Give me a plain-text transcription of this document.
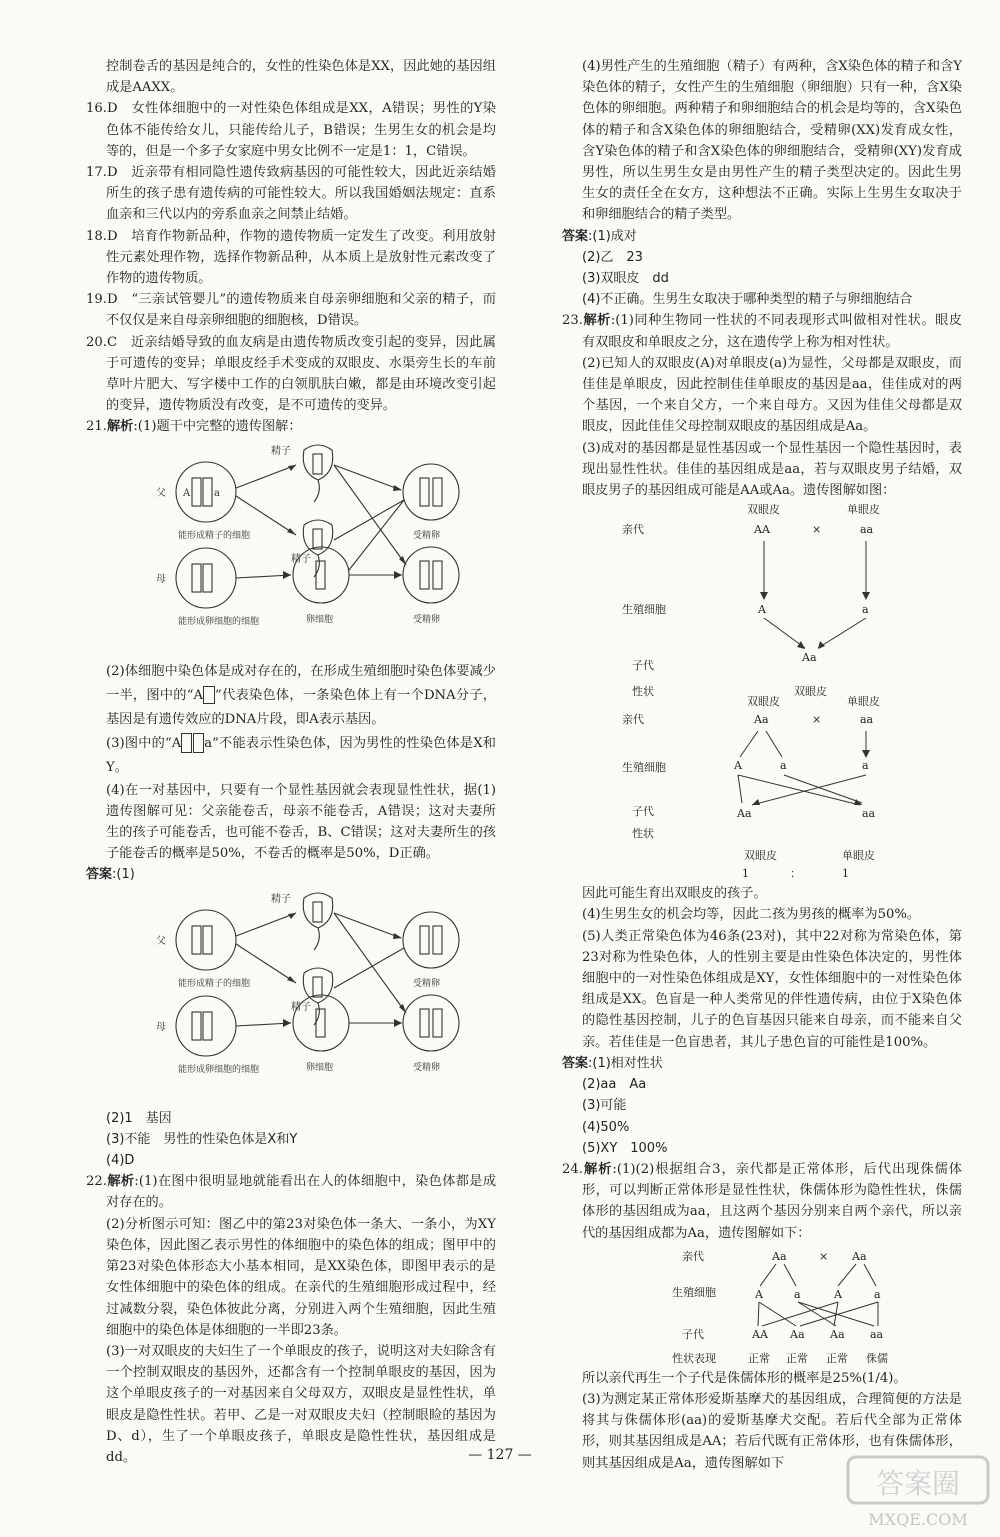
控制卷舌的基因是纯合的，女性的性染色体是XX，因此她的基因组成是AAXX。

16.D　女性体细胞中的一对性染色体组成是XX，A错误；男性的Y染色体不能传给女儿，只能传给儿子，B错误；生男生女的机会是均等的，但是一个多子女家庭中男女比例不一定是1：1，C错误。

17.D　近亲带有相同隐性遗传致病基因的可能性较大，因此近亲结婚所生的孩子患有遗传病的可能性较大。所以我国婚姻法规定：直系血亲和三代以内的旁系血亲之间禁止结婚。

18.D　培育作物新品种，作物的遗传物质一定发生了改变。利用放射性元素处理作物，选择作物新品种，从本质上是放射性元素改变了作物的遗传物质。

19.D　“三亲试管婴儿”的遗传物质来自母亲卵细胞和父亲的精子，而不仅仅是来自母亲卵细胞的细胞核，D错误。

20.C　近亲结婚导致的血友病是由遗传物质改变引起的变异，因此属于可遗传的变异；单眼皮经手术变成的双眼皮、水渠旁生长的车前草叶片肥大、写字楼中工作的白领肌肤白嫩，都是由环境改变引起的变异，遗传物质没有改变，是不可遗传的变异。

21.解析:(1)题干中完整的遗传图解：

父
母
精子
精子
能形成精子的细胞
能形成卵细胞的细胞	卵细胞
受精卵
受精卵
A a

(2)体细胞中染色体是成对存在的，在形成生殖细胞时染色体要减少一半，图中的“A ”代表染色体，一条染色体上有一个DNA分子，基因是有遗传效应的DNA片段，即A表示基因。

(3)图中的“A a”不能表示性染色体，因为男性的性染色体是X和Y。

(4)在一对基因中，只要有一个显性基因就会表现显性性状，据(1)遗传图解可见：父亲能卷舌，母亲不能卷舌，A错误；这对夫妻所生的孩子可能卷舌，也可能不卷舌，B、C错误；这对夫妻所生的孩子能卷舌的概率是50%，不卷舌的概率是50%，D正确。

答案:(1)

父
母
精子
精子
能形成精子的细胞
能形成卵细胞的细胞	卵细胞
受精卵
受精卵

(2)1　基因

(3)不能　男性的性染色体是X和Y

(4)D

22.解析:(1)在图中很明显地就能看出在人的体细胞中，染色体都是成对存在的。

(2)分析图示可知：图乙中的第23对染色体一条大、一条小，为XY染色体，因此图乙表示男性的体细胞中的染色体的组成；图甲中的第23对染色体形态大小基本相同，是XX染色体，即图甲表示的是女性体细胞中的染色体的组成。在亲代的生殖细胞形成过程中，经过减数分裂，染色体彼此分离，分别进入两个生殖细胞，因此生殖细胞中的染色体是体细胞的一半即23条。

(3)一对双眼皮的夫妇生了一个单眼皮的孩子，说明这对夫妇除含有一个控制双眼皮的基因外，还都含有一个控制单眼皮的基因，因为这个单眼皮孩子的一对基因来自父母双方，双眼皮是显性性状，单眼皮是隐性性状。若甲、乙是一对双眼皮夫妇（控制眼睑的基因为D、d），生了一个单眼皮孩子，单眼皮是隐性性状，基因组成是dd。

(4)男性产生的生殖细胞（精子）有两种，含X染色体的精子和含Y染色体的精子，女性产生的生殖细胞（卵细胞）只有一种，含X染色体的卵细胞。两种精子和卵细胞结合的机会是均等的，含X染色体的精子和含X染色体的卵细胞结合，受精卵(XX)发育成女性，含Y染色体的精子和含X染色体的卵细胞结合，受精卵(XY)发育成男性，所以生男生女是由男性产生的精子类型决定的。因此生男生女的责任全在女方，这种想法不正确。实际上生男生女取决于和卵细胞结合的精子类型。

答案:(1)成对

(2)乙　23

(3)双眼皮　dd

(4)不正确。生男生女取决于哪种类型的精子与卵细胞结合

23.解析:(1)同种生物同一性状的不同表现形式叫做相对性状。眼皮有双眼皮和单眼皮之分，这在遗传学上称为相对性状。

(2)已知人的双眼皮(A)对单眼皮(a)为显性，父母都是双眼皮，而佳佳是单眼皮，因此控制佳佳单眼皮的基因是aa，佳佳成对的两个基因，一个来自父方，一个来自母方。又因为佳佳父母都是双眼皮，因此佳佳父母控制双眼皮的基因组成是Aa。

(3)成对的基因都是显性基因或一个显性基因一个隐性基因时，表现出显性性状。佳佳的基因组成是aa，若与双眼皮男子结婚，双眼皮男子的基因组成可能是AA或Aa。遗传图解如图：

亲代
生殖细胞
子代
性状
双眼皮	单眼皮
AA	×	aa
A	a
Aa
双眼皮
亲代
生殖细胞
子代
性状
双眼皮	单眼皮
Aa	×	aa
A	a	a
Aa	aa
双眼皮	单眼皮
1	：	1

因此可能生育出双眼皮的孩子。

(4)生男生女的机会均等，因此二孩为男孩的概率为50%。

(5)人类正常染色体为46条(23对)，其中22对称为常染色体，第23对称为性染色体，人的性别主要是由性染色体决定的，男性体细胞中的一对性染色体组成是XY，女性体细胞中的一对性染色体组成是XX。色盲是一种人类常见的伴性遗传病，由位于X染色体的隐性基因控制，儿子的色盲基因只能来自母亲，而不能来自父亲。若佳佳是一色盲患者，其儿子患色盲的可能性是100%。

答案:(1)相对性状

(2)aa　Aa

(3)可能

(4)50%

(5)XY　100%

24.解析:(1)(2)根据组合3，亲代都是正常体形，后代出现侏儒体形，可以判断正常体形是显性性状，侏儒体形为隐性性状，侏儒体形的基因组成为aa，且这两个基因分别来自两个亲代，所以亲代的基因组成都为Aa，遗传图解如下：

亲代
生殖细胞
子代
性状表现
Aa	× Aa
A	a	A	a
AA Aa Aa aa
正常 正常 正常 侏儒

所以亲代再生一个子代是侏儒体形的概率是25%(1/4)。

(3)为测定某正常体形爱斯基摩犬的基因组成，合理简便的方法是将其与侏儒体形(aa)的爱斯基摩犬交配。若后代全部为正常体形，则其基因组成是AA；若后代既有正常体形，也有侏儒体形，则其基因组成是Aa，遗传图解如下

— 127 —
答案圈
MXQE.COM
